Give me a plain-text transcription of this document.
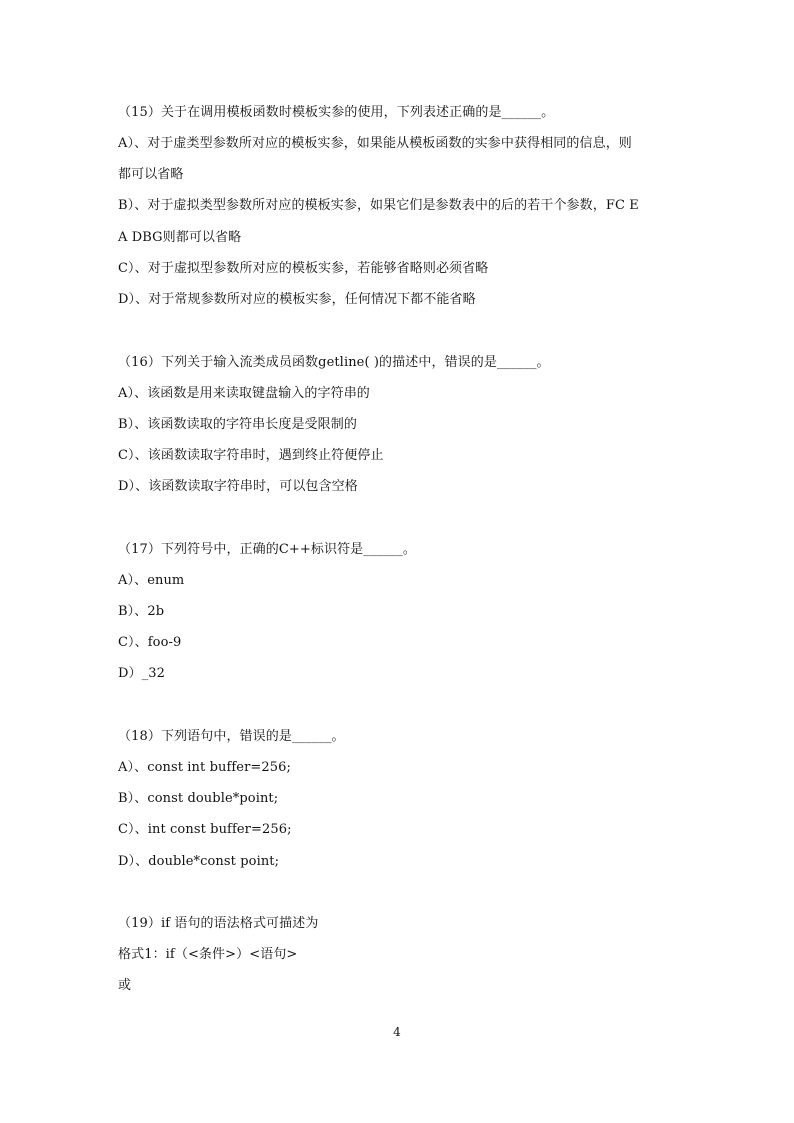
（15）关于在调用模板函数时模板实参的使用，下列表述正确的是______。
A）、对于虚类型参数所对应的模板实参，如果能从模板函数的实参中获得相同的信息，则
都可以省略
B）、对于虚拟类型参数所对应的模板实参，如果它们是参数表中的后的若干个参数，FC E
A DBG则都可以省略
C）、对于虚拟型参数所对应的模板实参，若能够省略则必须省略
D）、对于常规参数所对应的模板实参，任何情况下都不能省略
（16）下列关于输入流类成员函数getline( )的描述中，错误的是______。
A）、该函数是用来读取键盘输入的字符串的
B）、该函数读取的字符串长度是受限制的
C）、该函数读取字符串时，遇到终止符便停止
D）、该函数读取字符串时，可以包含空格
（17）下列符号中，正确的C++标识符是______。
A）、enum
B）、2b
C）、foo-9
D）_32
（18）下列语句中，错误的是______。
A）、const int buffer=256;
B）、const double*point;
C）、int const buffer=256;
D）、double*const point;
（19）if 语句的语法格式可描述为
格式1：if（<条件>）<语句>
或
4
